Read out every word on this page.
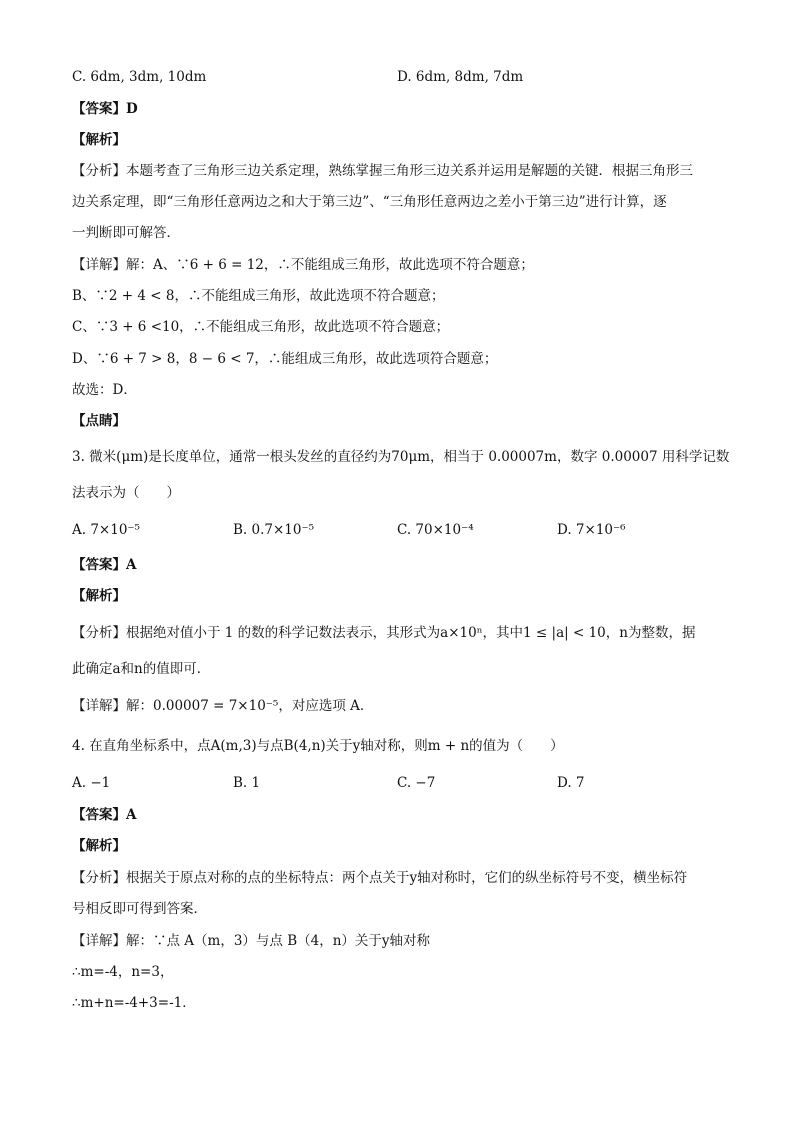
C. 6dm, 3dm, 10dm	D. 6dm, 8dm, 7dm
【答案】D
【解析】
【分析】本题考查了三角形三边关系定理，熟练掌握三角形三边关系并运用是解题的关键．根据三角形三
边关系定理，即“三角形任意两边之和大于第三边”、“三角形任意两边之差小于第三边”进行计算，逐
一判断即可解答．
【详解】解：A、∵6 + 6 = 12，∴不能组成三角形，故此选项不符合题意；
B、∵2 + 4 < 8，∴不能组成三角形，故此选项不符合题意；
C、∵3 + 6 <10，∴不能组成三角形，故此选项不符合题意；
D、∵6 + 7 > 8，8 − 6 < 7，∴能组成三角形，故此选项符合题意；
故选：D．
【点睛】
3. 微米(μm)是长度单位，通常一根头发丝的直径约为70μm，相当于 0.00007m，数字 0.00007 用科学记数
法表示为（　　）
A. 7×10⁻⁵	B. 0.7×10⁻⁵	C. 70×10⁻⁴	D. 7×10⁻⁶
【答案】A
【解析】
【分析】根据绝对值小于 1 的数的科学记数法表示，其形式为a×10ⁿ，其中1 ≤ |a| < 10，n为整数，据
此确定a和n的值即可．
【详解】解：0.00007 = 7×10⁻⁵，对应选项 A．
4. 在直角坐标系中，点A(m,3)与点B(4,n)关于y轴对称，则m + n的值为（　　）
A. −1	B. 1	C. −7	D. 7
【答案】A
【解析】
【分析】根据关于原点对称的点的坐标特点：两个点关于y轴对称时，它们的纵坐标符号不变，横坐标符
号相反即可得到答案．
【详解】解：∵点 A（m，3）与点 B（4，n）关于y轴对称
∴m=-4，n=3，
∴m+n=-4+3=-1．
